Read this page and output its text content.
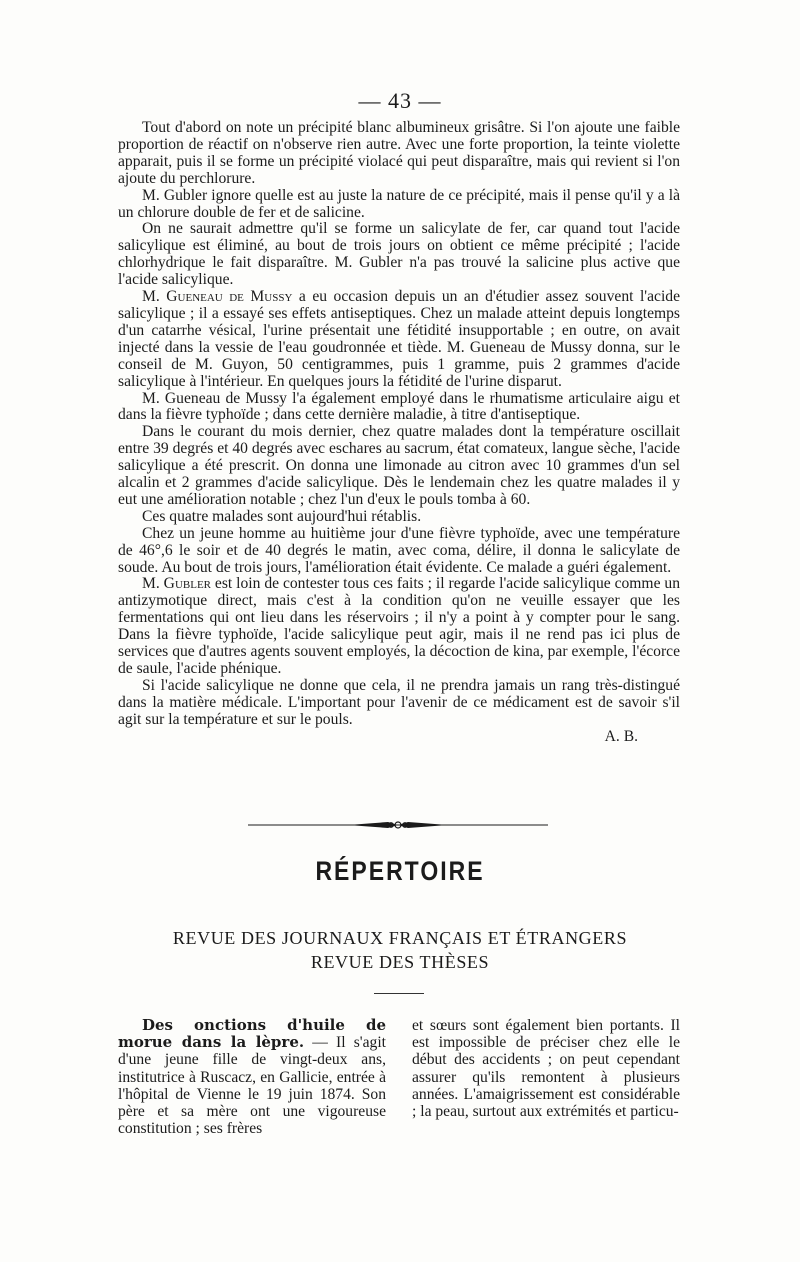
— 43 —

Tout d'abord on note un précipité blanc albumineux grisâtre. Si l'on ajoute une faible proportion de réactif on n'observe rien autre. Avec une forte proportion, la teinte violette apparait, puis il se forme un précipité violacé qui peut disparaître, mais qui revient si l'on ajoute du perchlorure.

M. Gubler ignore quelle est au juste la nature de ce précipité, mais il pense qu'il y a là un chlorure double de fer et de salicine.

On ne saurait admettre qu'il se forme un salicylate de fer, car quand tout l'acide salicylique est éliminé, au bout de trois jours on obtient ce même précipité ; l'acide chlorhydrique le fait disparaître. M. Gubler n'a pas trouvé la salicine plus active que l'acide salicylique.

M. Gueneau de Mussy a eu occasion depuis un an d'étudier assez souvent l'acide salicylique ; il a essayé ses effets antiseptiques. Chez un malade atteint depuis longtemps d'un catarrhe vésical, l'urine présentait une fétidité insupportable ; en outre, on avait injecté dans la vessie de l'eau goudronnée et tiède. M. Gueneau de Mussy donna, sur le conseil de M. Guyon, 50 centigrammes, puis 1 gramme, puis 2 grammes d'acide salicylique à l'intérieur. En quelques jours la fétidité de l'urine disparut.

M. Gueneau de Mussy l'a également employé dans le rhumatisme articulaire aigu et dans la fièvre typhoïde ; dans cette dernière maladie, à titre d'antiseptique.

Dans le courant du mois dernier, chez quatre malades dont la température oscillait entre 39 degrés et 40 degrés avec eschares au sacrum, état comateux, langue sèche, l'acide salicylique a été prescrit. On donna une limonade au citron avec 10 grammes d'un sel alcalin et 2 grammes d'acide salicylique. Dès le lendemain chez les quatre malades il y eut une amélioration notable ; chez l'un d'eux le pouls tomba à 60.

Ces quatre malades sont aujourd'hui rétablis.

Chez un jeune homme au huitième jour d'une fièvre typhoïde, avec une température de 46°,6 le soir et de 40 degrés le matin, avec coma, délire, il donna le salicylate de soude. Au bout de trois jours, l'amélioration était évidente. Ce malade a guéri également.

M. Gubler est loin de contester tous ces faits ; il regarde l'acide salicylique comme un antizymotique direct, mais c'est à la condition qu'on ne veuille essayer que les fermentations qui ont lieu dans les réservoirs ; il n'y a point à y compter pour le sang. Dans la fièvre typhoïde, l'acide salicylique peut agir, mais il ne rend pas ici plus de services que d'autres agents souvent employés, la décoction de kina, par exemple, l'écorce de saule, l'acide phénique.

Si l'acide salicylique ne donne que cela, il ne prendra jamais un rang très-distingué dans la matière médicale. L'important pour l'avenir de ce médicament est de savoir s'il agit sur la température et sur le pouls.

A. B.

RÉPERTOIRE
REVUE DES JOURNAUX FRANÇAIS ET ÉTRANGERS
REVUE DES THÈSES

Des onctions d'huile de morue dans la lèpre. — Il s'agit d'une jeune fille de vingt-deux ans, institutrice à Ruscacz, en Gallicie, entrée à l'hôpital de Vienne le 19 juin 1874. Son père et sa mère ont une vigoureuse constitution ; ses frères

et sœurs sont également bien portants. Il est impossible de préciser chez elle le début des accidents ; on peut cependant assurer qu'ils remontent à plusieurs années. L'amaigrissement est considérable ; la peau, surtout aux extrémités et particu-
